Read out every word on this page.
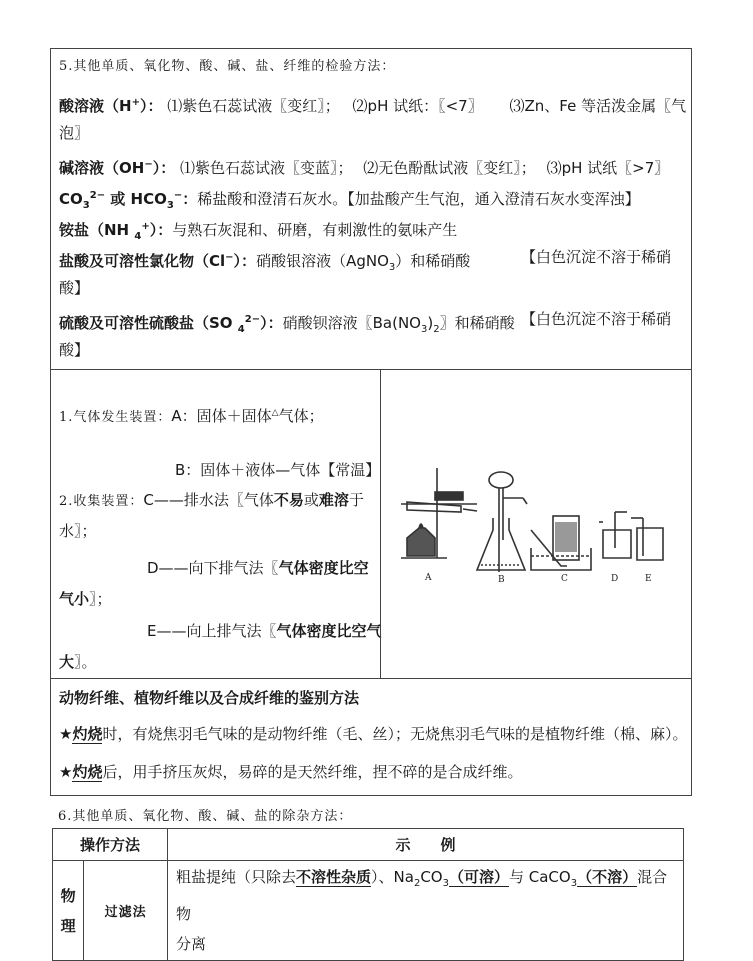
5.其他单质、氧化物、酸、碱、盐、纤维的检验方法：
酸溶液（H+）： ⑴紫色石蕊试液〖变红〗； ⑵pH 试纸：〖<7〗 ⑶Zn、Fe 等活泼金属〖气
泡〗
碱溶液（OH−）： ⑴紫色石蕊试液〖变蓝〗； ⑵无色酚酞试液〖变红〗； ⑶pH 试纸〖>7〗
$CO_3^{2-}$ 或 $HCO_3^-$：稀盐酸和澄清石灰水。【加盐酸产生气泡，通入澄清石灰水变浑浊】
铵盐（NH $_4$+）：与熟石灰混和、研磨，有刺激性的氨味产生
盐酸及可溶性氯化物（Cl−）：硝酸银溶液（AgNO$_3$）和稀硝酸	【白色沉淀不溶于稀硝
酸】
硫酸及可溶性硫酸盐（SO $_4^{2-}$）：硝酸钡溶液〖$Ba(NO_3)_2$〗和稀硝酸 【白色沉淀不溶于稀硝
酸】
1.气体发生装置：A：固体＋固体△气体；
B：固体＋液体—气体【常温】
2.收集装置：C——排水法〖气体不易或难溶于
水〗；
D——向下排气法〖气体密度比空
气小〗；
E——向上排气法〖气体密度比空气
大〗。
A	B	C	D	E
动物纤维、植物纤维以及合成纤维的鉴别方法
★灼烧时，有烧焦羽毛气味的是动物纤维（毛、丝）；无烧焦羽毛气味的是植物纤维（棉、麻）。
★灼烧后，用手挤压灰烬，易碎的是天然纤维，捏不碎的是合成纤维。
6.其他单质、氧化物、酸、碱、盐的除杂方法：
操作方法		示　　例
物
理	过滤法	粗盐提纯（只除去不溶性杂质）、$Na_2CO_3$（可溶）与 CaCO$_3$（不溶）混合物
分离
